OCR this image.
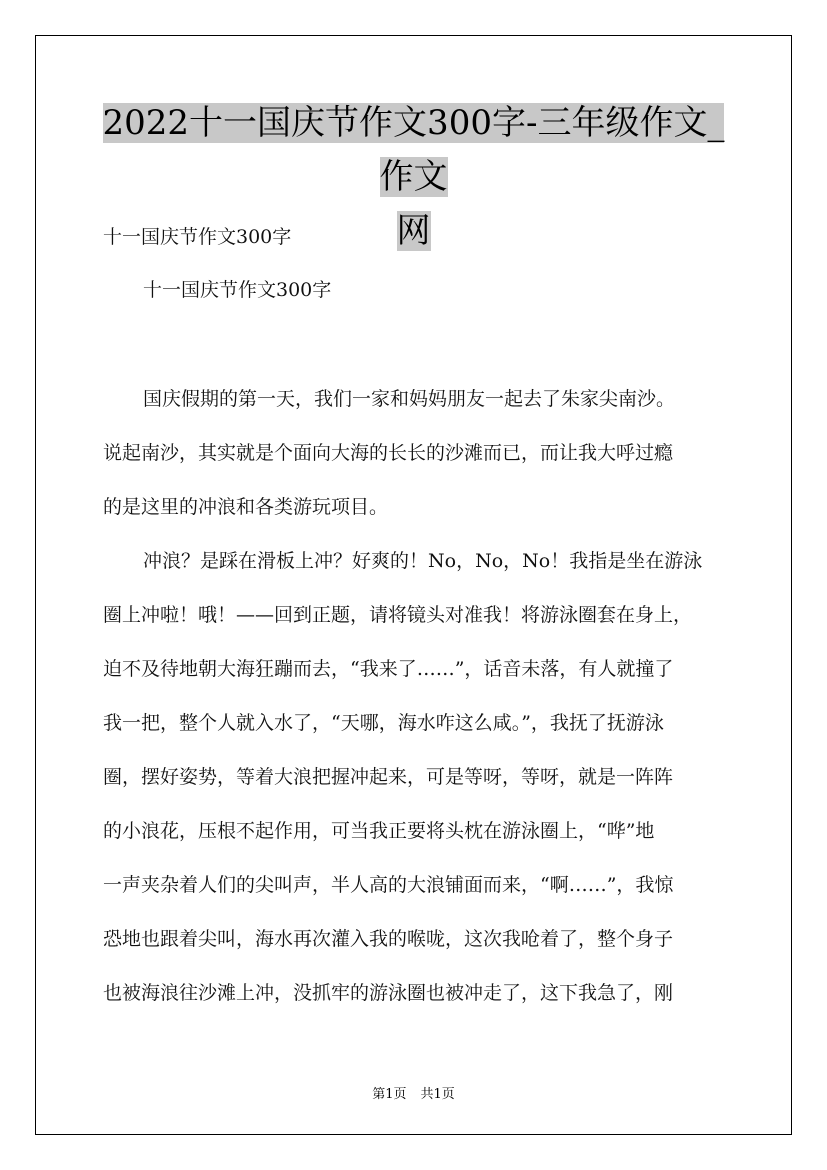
2022十一国庆节作文300字-三年级作文_作文
网
十一国庆节作文300字
十一国庆节作文300字
国庆假期的第一天，我们一家和妈妈朋友一起去了朱家尖南沙。
说起南沙，其实就是个面向大海的长长的沙滩而已，而让我大呼过瘾
的是这里的冲浪和各类游玩项目。
冲浪？是踩在滑板上冲？好爽的！No，No，No！我指是坐在游泳
圈上冲啦！哦！——回到正题，请将镜头对准我！将游泳圈套在身上，
迫不及待地朝大海狂蹦而去，“我来了……”，话音未落，有人就撞了
我一把，整个人就入水了，“天哪，海水咋这么咸。”，我抚了抚游泳
圈，摆好姿势，等着大浪把握冲起来，可是等呀，等呀，就是一阵阵
的小浪花，压根不起作用，可当我正要将头枕在游泳圈上，“哗”地
一声夹杂着人们的尖叫声，半人高的大浪铺面而来，“啊……”，我惊
恐地也跟着尖叫，海水再次灌入我的喉咙，这次我呛着了，整个身子
也被海浪往沙滩上冲，没抓牢的游泳圈也被冲走了，这下我急了，刚
第1页 共1页
